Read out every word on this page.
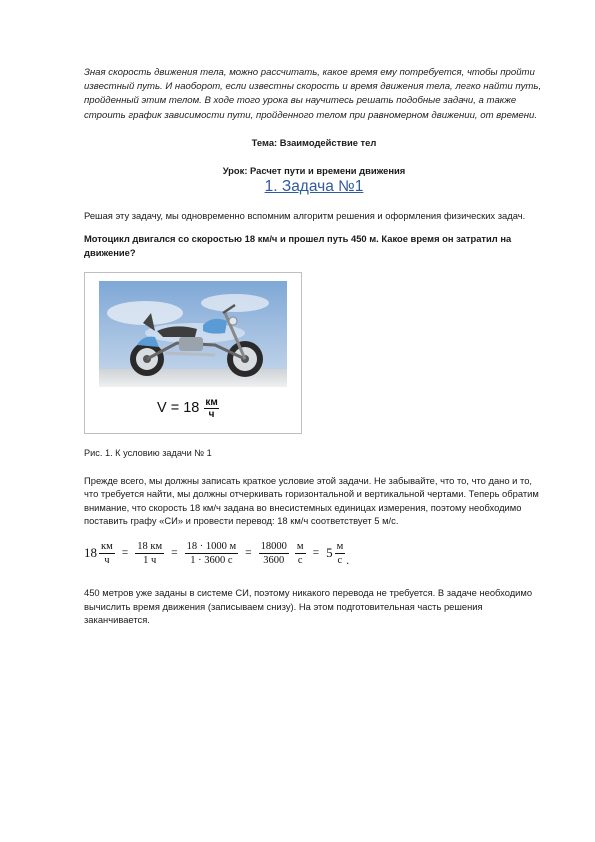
Зная скорость движения тела, можно рассчитать, какое время ему потребуется, чтобы пройти известный путь. И наоборот, если известны скорость и время движения тела, легко найти путь, пройденный этим телом. В ходе того урока вы научитесь решать подобные задачи, а также строить график зависимости пути, пройденного телом при равномерном движении, от времени.

Тема: Взаимодействие тел

Урок: Расчет пути и времени движения

1. Задача №1

Решая эту задачу, мы одновременно вспомним алгоритм решения и оформления физических задач.

Мотоцикл двигался со скоростью 18 км/ч и прошел путь 450 м. Какое время он затратил на движение?

V = 18 км
ч

Рис. 1. К условию задачи № 1

Прежде всего, мы должны записать краткое условие этой задачи. Не забывайте, что то, что дано и то, что требуется найти, мы должны отчеркивать горизонтальной и вертикальной чертами. Теперь обратим внимание, что скорость 18 км/ч задана во внесистемных единицах измерения, поэтому необходимо поставить графу «СИ» и провести перевод: 18 км/ч соответствует 5 м/с.

18 км
ч
=
18 км
1 ч
=
18 · 1000 м
1 · 3600 с
= $\frac{18000}{3600}$ м
с
= 5 м
с .

450 метров уже заданы в системе СИ, поэтому никакого перевода не требуется. В задаче необходимо вычислить время движения (записываем снизу). На этом подготовительная часть решения заканчивается.
